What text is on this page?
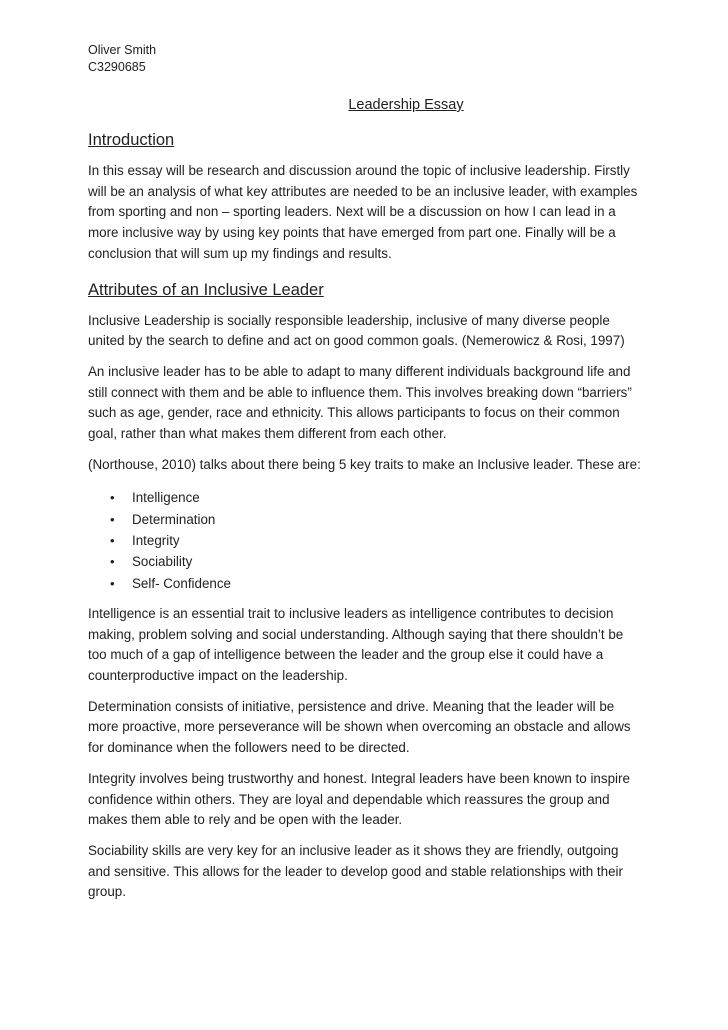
Oliver Smith

C3290685

Leadership Essay
Introduction

In this essay will be research and discussion around the topic of inclusive leadership. Firstly will be an analysis of what key attributes are needed to be an inclusive leader, with examples from sporting and non – sporting leaders. Next will be a discussion on how I can lead in a more inclusive way by using key points that have emerged from part one. Finally will be a conclusion that will sum up my findings and results.

Attributes of an Inclusive Leader

Inclusive Leadership is socially responsible leadership, inclusive of many diverse people united by the search to define and act on good common goals. (Nemerowicz & Rosi, 1997)

An inclusive leader has to be able to adapt to many different individuals background life and still connect with them and be able to influence them. This involves breaking down “barriers” such as age, gender, race and ethnicity. This allows participants to focus on their common goal, rather than what makes them different from each other.

(Northouse, 2010) talks about there being 5 key traits to make an Inclusive leader. These are:

• Intelligence
• Determination
• Integrity
• Sociability
• Self- Confidence

Intelligence is an essential trait to inclusive leaders as intelligence contributes to decision making, problem solving and social understanding. Although saying that there shouldn’t be too much of a gap of intelligence between the leader and the group else it could have a counterproductive impact on the leadership.

Determination consists of initiative, persistence and drive. Meaning that the leader will be more proactive, more perseverance will be shown when overcoming an obstacle and allows for dominance when the followers need to be directed.

Integrity involves being trustworthy and honest. Integral leaders have been known to inspire confidence within others. They are loyal and dependable which reassures the group and makes them able to rely and be open with the leader.

Sociability skills are very key for an inclusive leader as it shows they are friendly, outgoing and sensitive. This allows for the leader to develop good and stable relationships with their group.
